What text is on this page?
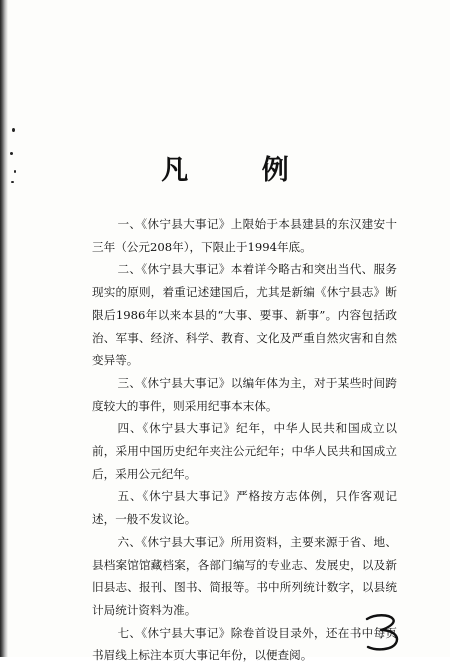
凡 例

一、《休宁县大事记》上限始于本县建县的东汉建安十三年（公元208年），下限止于1994年底。

二、《休宁县大事记》本着详今略古和突出当代、服务现实的原则，着重记述建国后，尤其是新编《休宁县志》断限后1986年以来本县的“大事、要事、新事”。内容包括政治、军事、经济、科学、教育、文化及严重自然灾害和自然变异等。

三、《休宁县大事记》以编年体为主，对于某些时间跨度较大的事件，则采用纪事本末体。

四、《休宁县大事记》纪年，中华人民共和国成立以前，采用中国历史纪年夹注公元纪年；中华人民共和国成立后，采用公元纪年。

五、《休宁县大事记》严格按方志体例，只作客观记述，一般不发议论。

六、《休宁县大事记》所用资料，主要来源于省、地、县档案馆馆藏档案，各部门编写的专业志、发展史，以及新旧县志、报刊、图书、简报等。书中所列统计数字，以县统计局统计资料为准。

七、《休宁县大事记》除卷首设目录外，还在书中每页书眉线上标注本页大事记年份，以便查阅。
